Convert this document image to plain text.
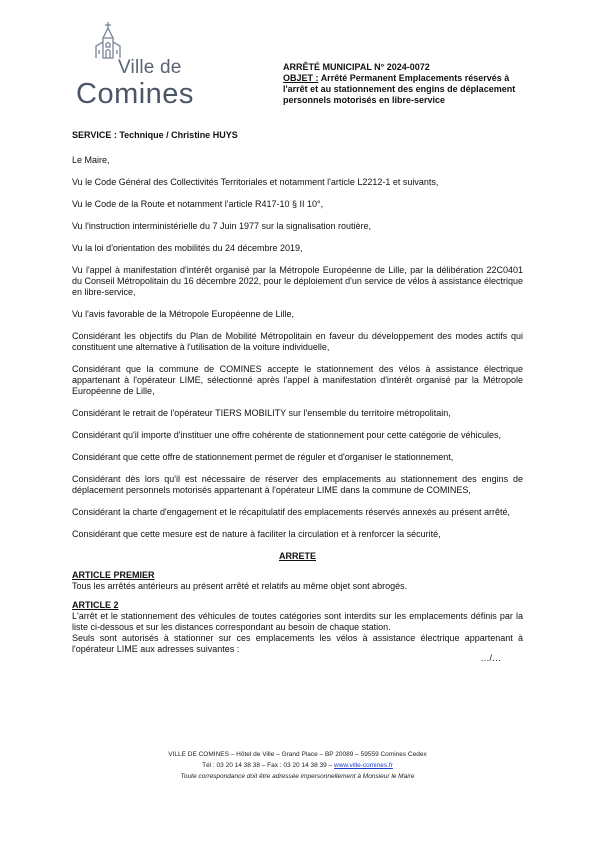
Ville de
Comines
ARRÊTÉ MUNICIPAL N° 2024-0072
OBJET : Arrêté Permanent Emplacements réservés à l'arrêt et au stationnement des engins de déplacement personnels motorisés en libre-service

SERVICE : Technique / Christine HUYS

Le Maire,

Vu le Code Général des Collectivités Territoriales et notamment l'article L2212-1 et suivants,

Vu le Code de la Route et notamment l'article R417-10 § II 10°,

Vu l'instruction interministérielle du 7 Juin 1977 sur la signalisation routière,

Vu la loi d'orientation des mobilités du 24 décembre 2019,

Vu l'appel à manifestation d'intérêt organisé par la Métropole Européenne de Lille, par la délibération 22C0401 du Conseil Métropolitain du 16 décembre 2022, pour le déploiement d'un service de vélos à assistance électrique en libre-service,

Vu l'avis favorable de la Métropole Européenne de Lille,

Considérant les objectifs du Plan de Mobilité Métropolitain en faveur du développement des modes actifs qui constituent une alternative à l'utilisation de la voiture individuelle,

Considérant que la commune de COMINES accepte le stationnement des vélos à assistance électrique appartenant à l'opérateur LIME, sélectionné après l'appel à manifestation d'intérêt organisé par la Métropole Européenne de Lille,

Considérant le retrait de l'opérateur TIERS MOBILITY sur l'ensemble du territoire métropolitain,

Considérant qu'il importe d'instituer une offre cohérente de stationnement pour cette catégorie de véhicules,

Considérant que cette offre de stationnement permet de réguler et d'organiser le stationnement,

Considérant dès lors qu'il est nécessaire de réserver des emplacements au stationnement des engins de déplacement personnels motorisés appartenant à l'opérateur LIME dans la commune de COMINES,

Considérant la charte d'engagement et le récapitulatif des emplacements réservés annexés au présent arrêté,

Considérant que cette mesure est de nature à faciliter la circulation et à renforcer la sécurité,

ARRETE

ARTICLE PREMIER

Tous les arrêtés antérieurs au présent arrêté et relatifs au même objet sont abrogés.

ARTICLE 2

L'arrêt et le stationnement des véhicules de toutes catégories sont interdits sur les emplacements définis par la liste ci-dessous et sur les distances correspondant au besoin de chaque station.

Seuls sont autorisés à stationner sur ces emplacements les vélos à assistance électrique appartenant à l'opérateur LIME aux adresses suivantes :

…/…

VILLE DE COMINES – Hôtel de Ville – Grand Place – BP 20089 – 59559 Comines Cedex
Tél : 03 20 14 38 38 – Fax : 03 20 14 38 39 – www.ville-comines.fr
Toute correspondance doit être adressée impersonnellement à Monsieur le Maire
